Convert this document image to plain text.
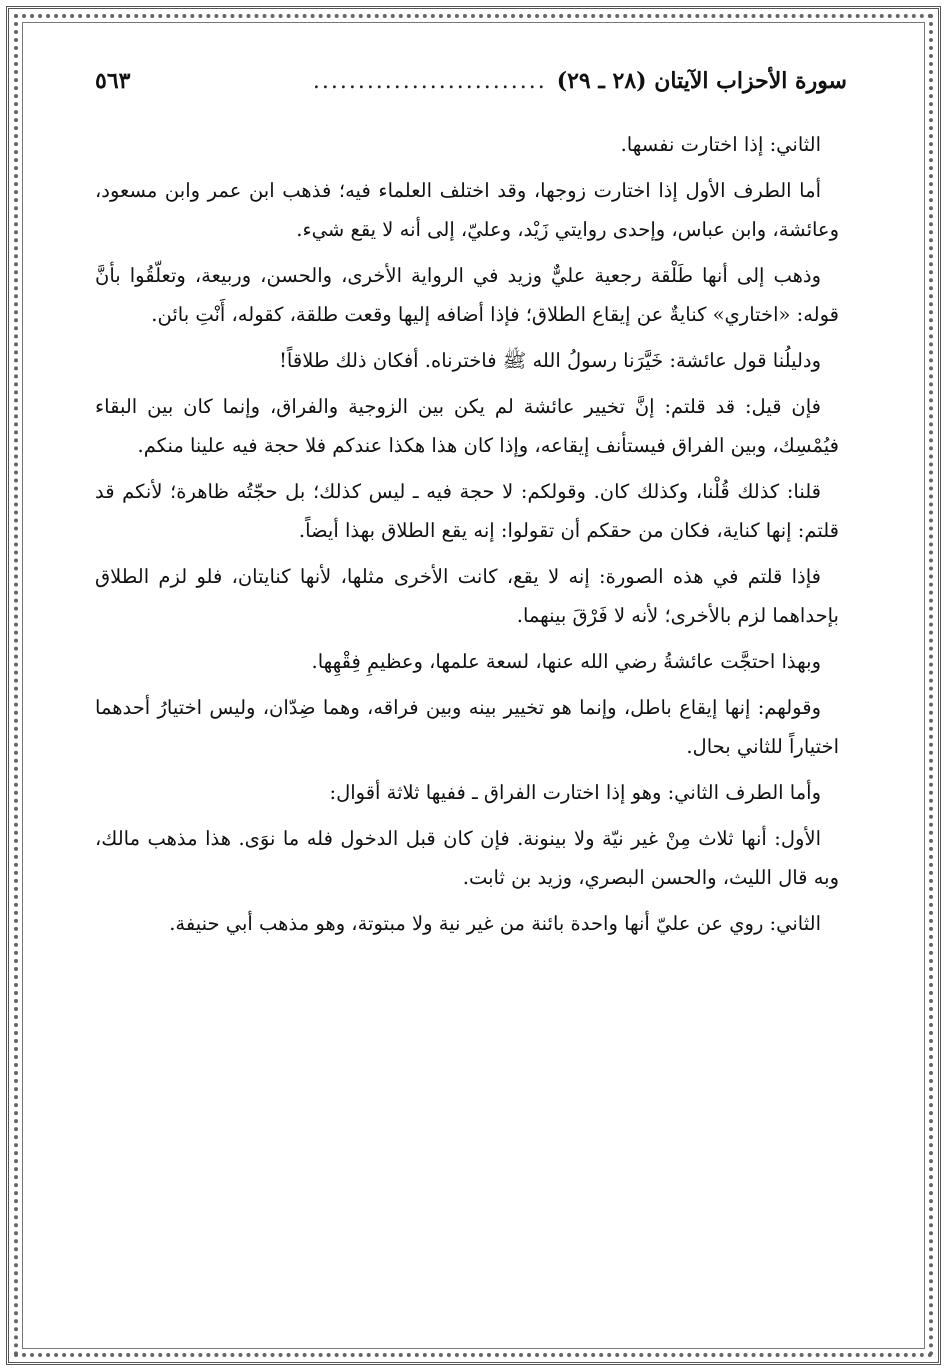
سورة الأحزاب الآيتان (٢٨ ـ ٢٩)
..........................
٥٦٣

الثاني: إذا اختارت نفسها.

أما الطرف الأول إذا اختارت زوجها، وقد اختلف العلماء فيه؛ فذهب ابن عمر وابن مسعود، وعائشة، وابن عباس، وإحدى روايتي زَيْد، وعليّ، إلى أنه لا يقع شيء.

وذهب إلى أنها طَلْقة رجعية عليٌّ وزيد في الرواية الأخرى، والحسن، وربيعة، وتعلّقُوا بأنَّ قوله: «اختاري» كنايةٌ عن إيقاع الطلاق؛ فإذا أضافه إليها وقعت طلقة، كقوله، أَنْتِ بائن.

ودليلُنا قول عائشة: خَيَّرَنا رسولُ الله ﷺ فاخترناه. أفكان ذلك طلاقاً!

فإن قيل: قد قلتم: إنَّ تخيير عائشة لم يكن بين الزوجية والفراق، وإنما كان بين البقاء فيُمْسِك، وبين الفراق فيستأنف إيقاعه، وإذا كان هذا هكذا عندكم فلا حجة فيه علينا منكم.

قلنا: كذلك قُلْنا، وكذلك كان. وقولكم: لا حجة فيه ـ ليس كذلك؛ بل حجّتُه ظاهرة؛ لأنكم قد قلتم: إنها كناية، فكان من حقكم أن تقولوا: إنه يقع الطلاق بهذا أيضاً.

فإذا قلتم في هذه الصورة: إنه لا يقع، كانت الأخرى مثلها، لأنها كنايتان، فلو لزم الطلاق بإحداهما لزم بالأخرى؛ لأنه لا فَرْقَ بينهما.

وبهذا احتجَّت عائشةُ رضي الله عنها، لسعة علمها، وعظيمِ فِقْهِها.

وقولهم: إنها إيقاع باطل، وإنما هو تخيير بينه وبين فراقه، وهما ضِدّان، وليس اختيارُ أحدهما اختياراً للثاني بحال.

وأما الطرف الثاني: وهو إذا اختارت الفراق ـ ففيها ثلاثة أقوال:

الأول: أنها ثلاث مِنْ غير نيّة ولا بينونة. فإن كان قبل الدخول فله ما نوَى. هذا مذهب مالك، وبه قال الليث، والحسن البصري، وزيد بن ثابت.

الثاني: روي عن عليّ أنها واحدة بائنة من غير نية ولا مبتوتة، وهو مذهب أبي حنيفة.
